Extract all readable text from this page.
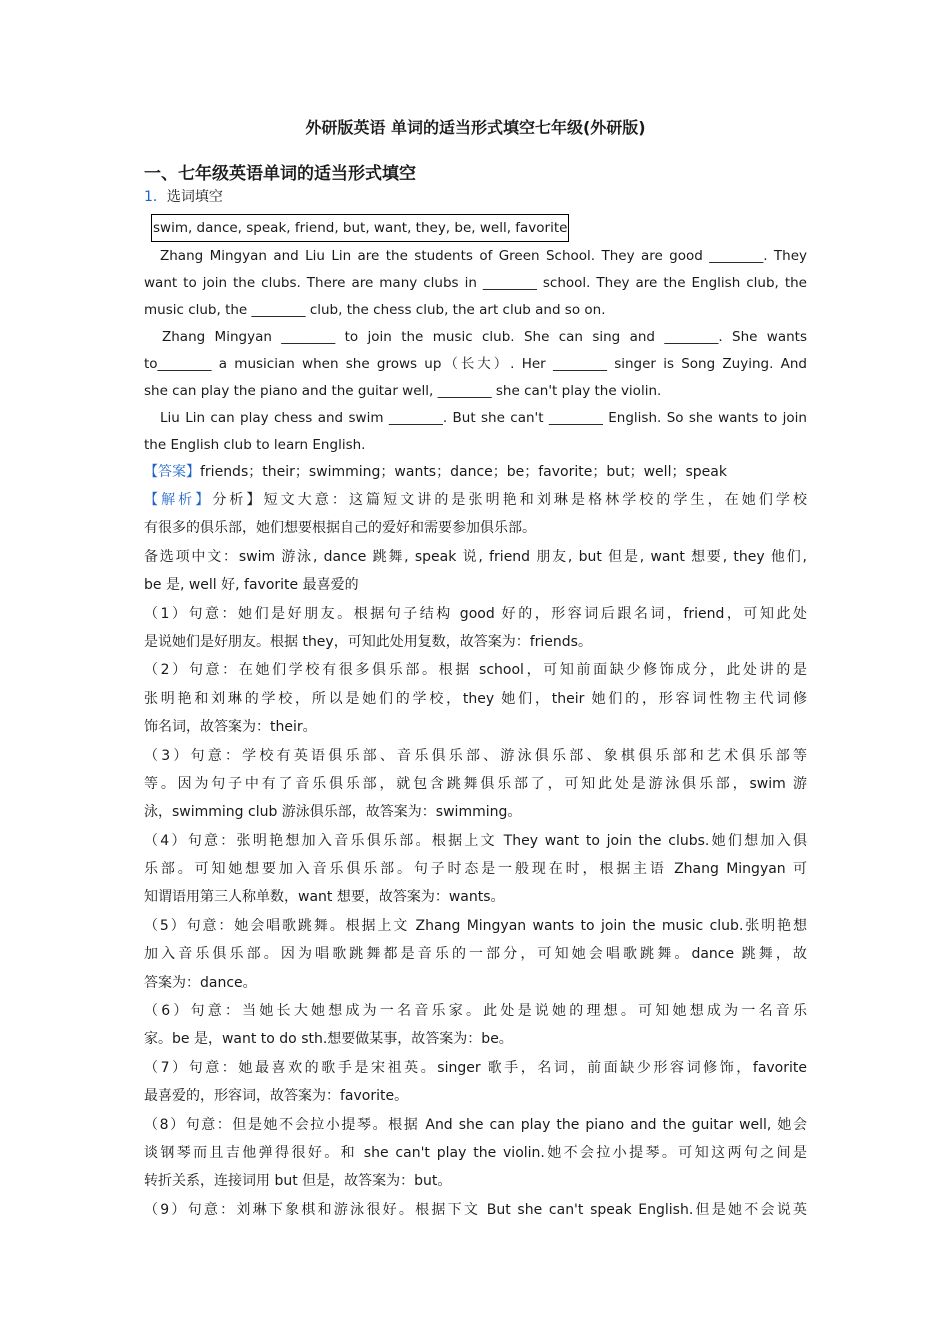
外研版英语 单词的适当形式填空七年级(外研版)
一、七年级英语单词的适当形式填空
1．选词填空
swim, dance, speak, friend, but, want, they, be, well, favorite

Zhang Mingyan and Liu Lin are the students of Green School. They are good ________. They
want to join the clubs. There are many clubs in ________ school. They are the English club, the
music club, the ________ club, the chess club, the art club and so on.

Zhang Mingyan ________ to join the music club. She can sing and ________. She wants
to________ a musician when she grows up（长大）. Her ________ singer is Song Zuying. And
she can play the piano and the guitar well, ________ she can't play the violin.

Liu Lin can play chess and swim ________. But she can't ________ English. So she wants to join
the English club to learn English.

【答案】friends；their；swimming；wants；dance；be；favorite；but；well；speak
【解析】分析】短文大意：这篇短文讲的是张明艳和刘琳是格林学校的学生，在她们学校
有很多的俱乐部，她们想要根据自己的爱好和需要参加俱乐部。
备选项中文：swim 游泳, dance 跳舞, speak 说, friend 朋友, but 但是, want 想要, they 他们,
be 是, well 好, favorite 最喜爱的
（1）句意：她们是好朋友。根据句子结构 good 好的，形容词后跟名词，friend，可知此处
是说她们是好朋友。根据 they，可知此处用复数，故答案为：friends。
（2）句意：在她们学校有很多俱乐部。根据 school，可知前面缺少修饰成分，此处讲的是
张明艳和刘琳的学校，所以是她们的学校，they 她们，their 她们的，形容词性物主代词修
饰名词，故答案为：their。
（3）句意：学校有英语俱乐部、音乐俱乐部、游泳俱乐部、象棋俱乐部和艺术俱乐部等
等。因为句子中有了音乐俱乐部，就包含跳舞俱乐部了，可知此处是游泳俱乐部，swim 游
泳，swimming club 游泳俱乐部，故答案为：swimming。
（4）句意：张明艳想加入音乐俱乐部。根据上文 They want to join the clubs.她们想加入俱
乐部。可知她想要加入音乐俱乐部。句子时态是一般现在时，根据主语 Zhang Mingyan 可
知谓语用第三人称单数，want 想要，故答案为：wants。
（5）句意：她会唱歌跳舞。根据上文 Zhang Mingyan wants to join the music club.张明艳想
加入音乐俱乐部。因为唱歌跳舞都是音乐的一部分，可知她会唱歌跳舞。dance 跳舞，故
答案为：dance。
（6）句意：当她长大她想成为一名音乐家。此处是说她的理想。可知她想成为一名音乐
家。be 是，want to do sth.想要做某事，故答案为：be。
（7）句意：她最喜欢的歌手是宋祖英。singer 歌手，名词，前面缺少形容词修饰，favorite
最喜爱的，形容词，故答案为：favorite。
（8）句意：但是她不会拉小提琴。根据 And she can play the piano and the guitar well, 她会
谈钢琴而且吉他弹得很好。和 she can't play the violin.她不会拉小提琴。可知这两句之间是
转折关系，连接词用 but 但是，故答案为：but。
（9）句意：刘琳下象棋和游泳很好。根据下文 But she can't speak English.但是她不会说英
